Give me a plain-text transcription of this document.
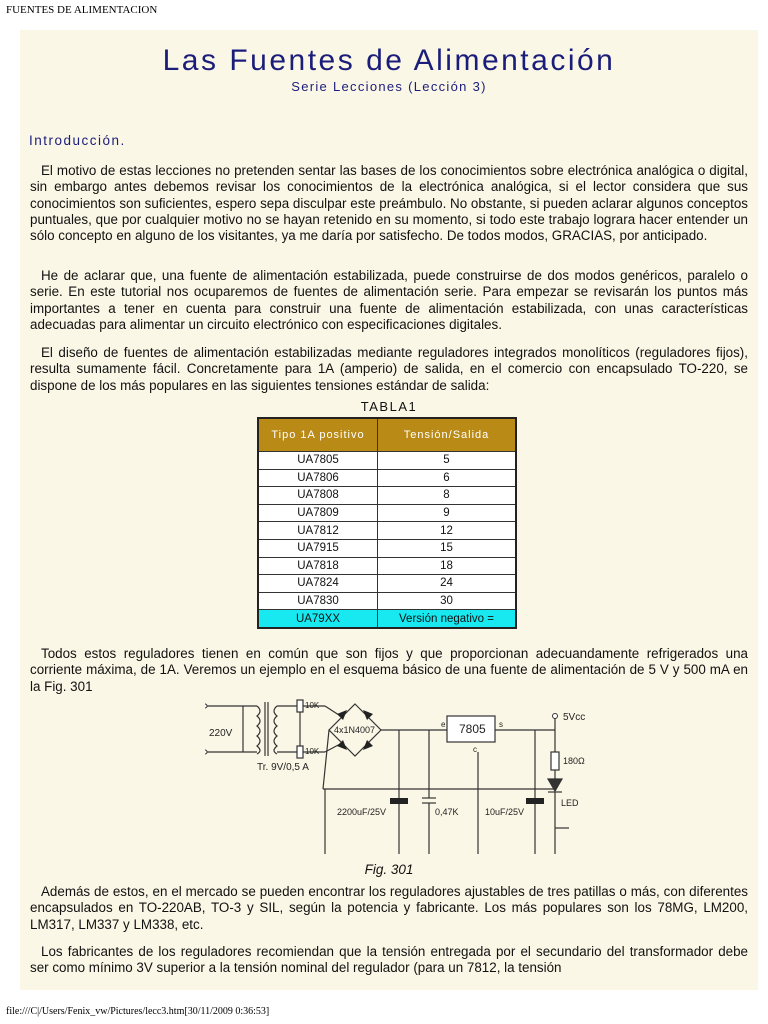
FUENTES DE ALIMENTACION
Las Fuentes de Alimentación
Serie Lecciones (Lección 3)
Introducción.

El motivo de estas lecciones no pretenden sentar las bases de los conocimientos sobre electrónica analógica o digital, sin embargo antes debemos revisar los conocimientos de la electrónica analógica, si el lector considera que sus conocimientos son suficientes, espero sepa disculpar este preámbulo. No obstante, si pueden aclarar algunos conceptos puntuales, que por cualquier motivo no se hayan retenido en su momento, si todo este trabajo lograra hacer entender un sólo concepto en alguno de los visitantes, ya me daría por satisfecho. De todos modos, GRACIAS, por anticipado.

He de aclarar que, una fuente de alimentación estabilizada, puede construirse de dos modos genéricos, paralelo o serie. En este tutorial nos ocuparemos de fuentes de alimentación serie. Para empezar se revisarán los puntos más importantes a tener en cuenta para construir una fuente de alimentación estabilizada, con unas características adecuadas para alimentar un circuito electrónico con especificaciones digitales.

El diseño de fuentes de alimentación estabilizadas mediante reguladores integrados monolíticos (reguladores fijos), resulta sumamente fácil. Concretamente para 1A (amperio) de salida, en el comercio con encapsulado TO-220, se dispone de los más populares en las siguientes tensiones estándar de salida:

TABLA1
Tipo 1A positivo	Tensión/Salida
UA7805	5
UA7806	6
UA7808	8
UA7809	9
UA7812	12
UA7915	15
UA7818	18
UA7824	24
UA7830	30
UA79XX	Versión negativo =

Todos estos reguladores tienen en común que son fijos y que proporcionan adecuandamente refrigerados una corriente máxima, de 1A. Veremos un ejemplo en el esquema básico de una fuente de alimentación de 5 V y 500 mA en la Fig. 301

220V
Tr. 9V/0,5 A
10K
10K
4x1N4007	7805
e	s
c
2200uF/25V	0,47K	10uF/25V
180Ω
LED
5Vcc
Fig. 301

Además de estos, en el mercado se pueden encontrar los reguladores ajustables de tres patillas o más, con diferentes encapsulados en TO-220AB, TO-3 y SIL, según la potencia y fabricante. Los más populares son los 78MG, LM200, LM317, LM337 y LM338, etc.

Los fabricantes de los reguladores recomiendan que la tensión entregada por el secundario del transformador debe ser como mínimo 3V superior a la tensión nominal del regulador (para un 7812, la tensión

file:///C|/Users/Fenix_vw/Pictures/lecc3.htm[30/11/2009 0:36:53]
